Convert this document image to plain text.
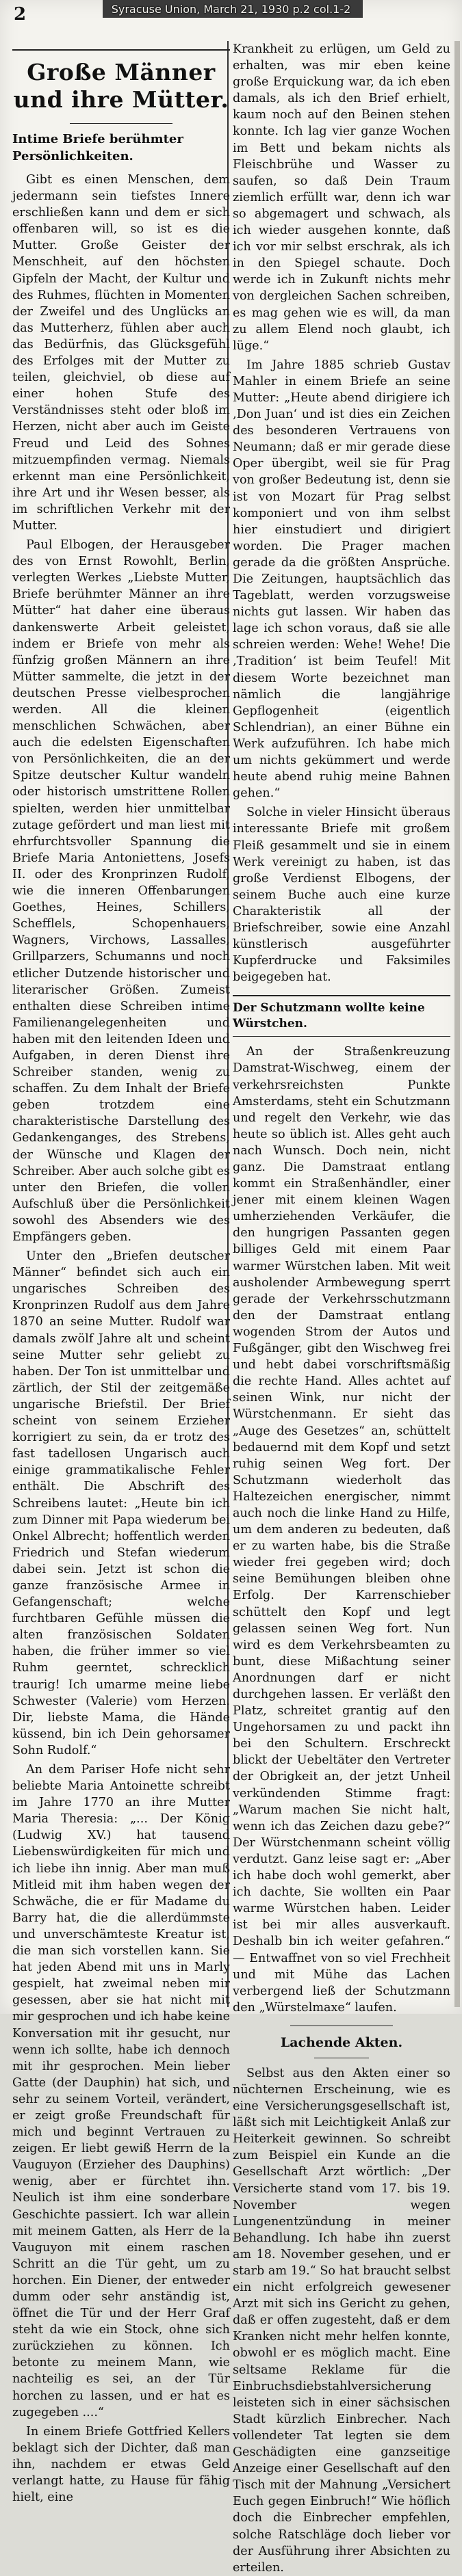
Syracuse Union, March 21, 1930 p.2 col.1-2
2
Große Männer und ihre Mütter.
Intime Briefe berühmter Persönlichkeiten.

Gibt es einen Menschen, dem jedermann sein tiefstes Innere erschließen kann und dem er sich offenbaren will, so ist es die Mutter. Große Geister der Menschheit, auf den höchsten Gipfeln der Macht, der Kultur und des Ruhmes, flüchten in Momenten der Zweifel und des Unglücks an das Mutterherz, fühlen aber auch das Bedürfnis, das Glücksgefühl des Erfolges mit der Mutter zu teilen, gleichviel, ob diese auf einer hohen Stufe des Verständnisses steht oder bloß im Herzen, nicht aber auch im Geiste Freud und Leid des Sohnes mitzuempfinden vermag. Niemals erkennt man eine Persönlichkeit, ihre Art und ihr Wesen besser, als im schriftlichen Verkehr mit der Mutter.

Paul Elbogen, der Herausgeber des von Ernst Rowohlt, Berlin, verlegten Werkes „Liebste Mutter, Briefe berühmter Männer an ihre Mütter“ hat daher eine überaus dankenswerte Arbeit geleistet, indem er Briefe von mehr als fünfzig großen Männern an ihre Mütter sammelte, die jetzt in der deutschen Presse vielbesprochen werden. All die kleinen menschlichen Schwächen, aber auch die edelsten Eigenschaften von Persönlichkeiten, die an der Spitze deutscher Kultur wandeln oder historisch umstrittene Rollen spielten, werden hier unmittelbar zutage gefördert und man liest mit ehrfurchtsvoller Spannung die Briefe Maria Antoniettens, Josefs II. oder des Kronprinzen Rudolf, wie die inneren Offenbarungen Goethes, Heines, Schillers, Schefflels, Schopenhauers, Wagners, Virchows, Lassalles, Grillparzers, Schumanns und noch etlicher Dutzende historischer und literarischer Größen. Zumeist enthalten diese Schreiben intime Familienangelegenheiten und haben mit den leitenden Ideen und Aufgaben, in deren Dienst ihre Schreiber standen, wenig zu schaffen. Zu dem Inhalt der Briefe geben trotzdem eine charakteristische Darstellung des Gedankenganges, des Strebens, der Wünsche und Klagen der Schreiber. Aber auch solche gibt es unter den Briefen, die vollen Aufschluß über die Persönlichkeit sowohl des Absenders wie des Empfängers geben.

Unter den „Briefen deutscher Männer“ befindet sich auch ein ungarisches Schreiben des Kronprinzen Rudolf aus dem Jahre 1870 an seine Mutter. Rudolf war damals zwölf Jahre alt und scheint seine Mutter sehr geliebt zu haben. Der Ton ist unmittelbar und zärtlich, der Stil der zeitgemäße ungarische Briefstil. Der Brief scheint von seinem Erzieher korrigiert zu sein, da er trotz des fast tadellosen Ungarisch auch einige grammatikalische Fehler enthält. Die Abschrift des Schreibens lautet: „Heute bin ich zum Dinner mit Papa wiederum bei Onkel Albrecht; hoffentlich werden Friedrich und Stefan wiederum dabei sein. Jetzt ist schon die ganze französische Armee in Gefangenschaft; welche furchtbaren Gefühle müssen die alten französischen Soldaten haben, die früher immer so viel Ruhm geerntet, schrecklich traurig! Ich umarme meine liebe Schwester (Valerie) vom Herzen. Dir, liebste Mama, die Hände küssend, bin ich Dein gehorsamer Sohn Rudolf.“

An dem Pariser Hofe nicht sehr beliebte Maria Antoinette schreibt im Jahre 1770 an ihre Mutter Maria Theresia: „... Der König (Ludwig XV.) hat tausend Liebenswürdigkeiten für mich und ich liebe ihn innig. Aber man muß Mitleid mit ihm haben wegen der Schwäche, die er für Madame du Barry hat, die die allerdümmste und unverschämteste Kreatur ist, die man sich vorstellen kann. Sie hat jeden Abend mit uns in Marly gespielt, hat zweimal neben mir gesessen, aber sie hat nicht mit mir gesprochen und ich habe keine Konversation mit ihr gesucht, nur wenn ich sollte, habe ich dennoch mit ihr gesprochen. Mein lieber Gatte (der Dauphin) hat sich, und sehr zu seinem Vorteil, verändert, er zeigt große Freundschaft für mich und beginnt Vertrauen zu zeigen. Er liebt gewiß Herrn de la Vauguyon (Erzieher des Dauphins) wenig, aber er fürchtet ihn. Neulich ist ihm eine sonderbare Geschichte passiert. Ich war allein mit meinem Gatten, als Herr de la Vauguyon mit einem raschen Schritt an die Tür geht, um zu horchen. Ein Diener, der entweder dumm oder sehr anständig ist, öffnet die Tür und der Herr Graf steht da wie ein Stock, ohne sich zurückziehen zu können. Ich betonte zu meinem Mann, wie nachteilig es sei, an der Tür horchen zu lassen, und er hat es zugegeben ....“

In einem Briefe Gottfried Kellers beklagt sich der Dichter, daß man ihn, nachdem er etwas Geld verlangt hatte, zu Hause für fähig hielt, eine

Krankheit zu erlügen, um Geld zu erhalten, was mir eben keine große Erquickung war, da ich eben damals, als ich den Brief erhielt, kaum noch auf den Beinen stehen konnte. Ich lag vier ganze Wochen im Bett und bekam nichts als Fleischbrühe und Wasser zu saufen, so daß Dein Traum ziemlich erfüllt war, denn ich war so abgemagert und schwach, als ich wieder ausgehen konnte, daß ich vor mir selbst erschrak, als ich in den Spiegel schaute. Doch werde ich in Zukunft nichts mehr von dergleichen Sachen schreiben, es mag gehen wie es will, da man zu allem Elend noch glaubt, ich lüge.“

Im Jahre 1885 schrieb Gustav Mahler in einem Briefe an seine Mutter: „Heute abend dirigiere ich ‚Don Juan‘ und ist dies ein Zeichen des besonderen Vertrauens von Neumann; daß er mir gerade diese Oper übergibt, weil sie für Prag von großer Bedeutung ist, denn sie ist von Mozart für Prag selbst komponiert und von ihm selbst hier einstudiert und dirigiert worden. Die Prager machen gerade da die größten Ansprüche. Die Zeitungen, hauptsächlich das Tageblatt, werden vorzugsweise nichts gut lassen. Wir haben das lage ich schon voraus, daß sie alle schreien werden: Wehe! Wehe! Die ‚Tradition‘ ist beim Teufel! Mit diesem Worte bezeichnet man nämlich die langjährige Gepflogenheit (eigentlich Schlendrian), an einer Bühne ein Werk aufzuführen. Ich habe mich um nichts gekümmert und werde heute abend ruhig meine Bahnen gehen.“

Solche in vieler Hinsicht überaus interessante Briefe mit großem Fleiß gesammelt und sie in einem Werk vereinigt zu haben, ist das große Verdienst Elbogens, der seinem Buche auch eine kurze Charakteristik all der Briefschreiber, sowie eine Anzahl künstlerisch ausgeführter Kupferdrucke und Faksimiles beigegeben hat.

Der Schutzmann wollte keine Würstchen.

An der Straßenkreuzung Damstrat-Wischweg, einem der verkehrsreichsten Punkte Amsterdams, steht ein Schutzmann und regelt den Verkehr, wie das heute so üblich ist. Alles geht auch nach Wunsch. Doch nein, nicht ganz. Die Damstraat entlang kommt ein Straßenhändler, einer jener mit einem kleinen Wagen umherziehenden Verkäufer, die den hungrigen Passanten gegen billiges Geld mit einem Paar warmer Würstchen laben. Mit weit ausholender Armbewegung sperrt gerade der Verkehrsschutzmann den der Damstraat entlang wogenden Strom der Autos und Fußgänger, gibt den Wischweg frei und hebt dabei vorschriftsmäßig die rechte Hand. Alles achtet auf seinen Wink, nur nicht der Würstchenmann. Er sieht das „Auge des Gesetzes“ an, schüttelt bedauernd mit dem Kopf und setzt ruhig seinen Weg fort. Der Schutzmann wiederholt das Haltezeichen energischer, nimmt auch noch die linke Hand zu Hilfe, um dem anderen zu bedeuten, daß er zu warten habe, bis die Straße wieder frei gegeben wird; doch seine Bemühungen bleiben ohne Erfolg. Der Karrenschieber schüttelt den Kopf und legt gelassen seinen Weg fort. Nun wird es dem Verkehrsbeamten zu bunt, diese Mißachtung seiner Anordnungen darf er nicht durchgehen lassen. Er verläßt den Platz, schreitet grantig auf den Ungehorsamen zu und packt ihn bei den Schultern. Erschreckt blickt der Uebeltäter den Vertreter der Obrigkeit an, der jetzt Unheil verkündenden Stimme fragt: „Warum machen Sie nicht halt, wenn ich das Zeichen dazu gebe?“ Der Würstchenmann scheint völlig verdutzt. Ganz leise sagt er: „Aber ich habe doch wohl gemerkt, aber ich dachte, Sie wollten ein Paar warme Würstchen haben. Leider ist bei mir alles ausverkauft. Deshalb bin ich weiter gefahren.“ — Entwaffnet von so viel Frechheit und mit Mühe das Lachen verbergend ließ der Schutzmann den „Würstelmaxe“ laufen.

Lachende Akten.

Selbst aus den Akten einer so nüchternen Erscheinung, wie es eine Versicherungsgesellschaft ist, läßt sich mit Leichtigkeit Anlaß zur Heiterkeit gewinnen. So schreibt zum Beispiel ein Kunde an die Gesellschaft Arzt wörtlich: „Der Versicherte stand vom 17. bis 19. November wegen Lungenentzündung in meiner Behandlung. Ich habe ihn zuerst am 18. November gesehen, und er starb am 19.“ So hat braucht selbst ein nicht erfolgreich gewesener Arzt mit sich ins Gericht zu gehen, daß er offen zugesteht, daß er dem Kranken nicht mehr helfen konnte, obwohl er es möglich macht. Eine seltsame Reklame für die Einbruchsdiebstahlversicherung leisteten sich in einer sächsischen Stadt kürzlich Einbrecher. Nach vollendeter Tat legten sie dem Geschädigten eine ganzseitige Anzeige einer Gesellschaft auf den Tisch mit der Mahnung „Versichert Euch gegen Einbruch!“ Wie höflich doch die Einbrecher empfehlen, solche Ratschläge doch lieber vor der Ausführung ihrer Absichten zu erteilen.
